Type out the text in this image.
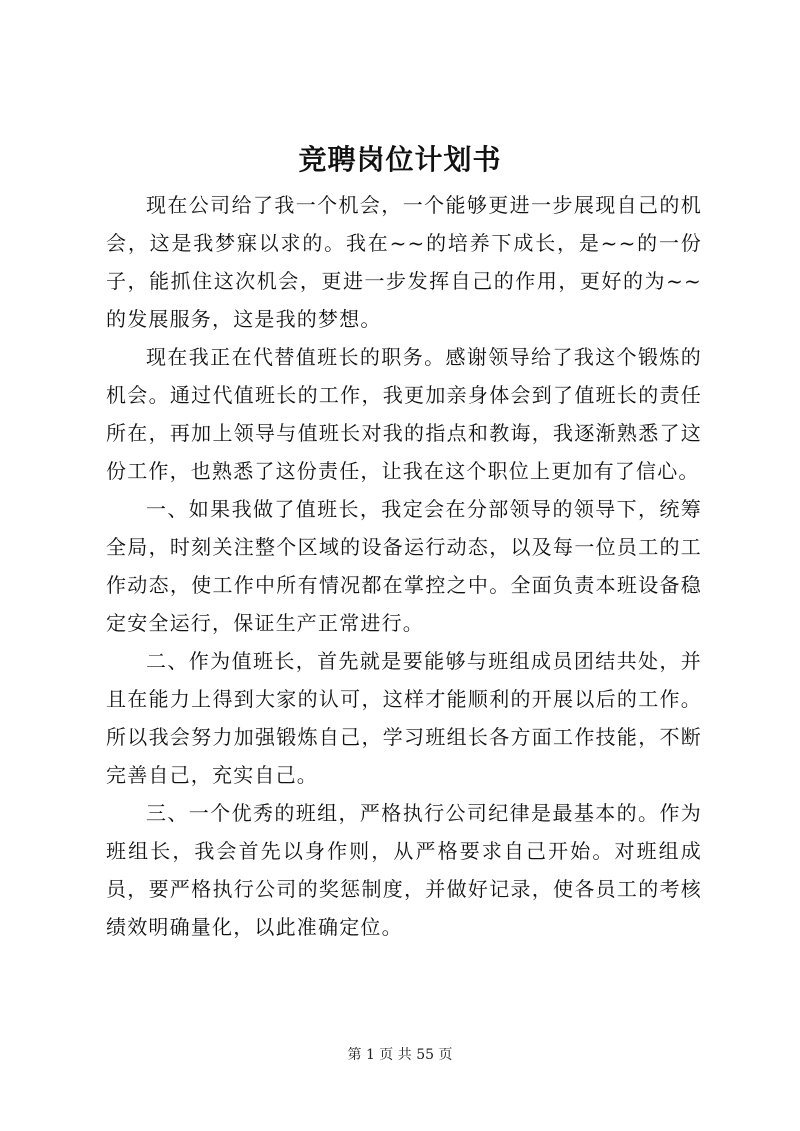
竞聘岗位计划书

现在公司给了我一个机会，一个能够更进一步展现自己的机会，这是我梦寐以求的。我在~~的培养下成长，是~~的一份子，能抓住这次机会，更进一步发挥自己的作用，更好的为~~的发展服务，这是我的梦想。

现在我正在代替值班长的职务。感谢领导给了我这个锻炼的机会。通过代值班长的工作，我更加亲身体会到了值班长的责任所在，再加上领导与值班长对我的指点和教诲，我逐渐熟悉了这份工作，也熟悉了这份责任，让我在这个职位上更加有了信心。

一、如果我做了值班长，我定会在分部领导的领导下，统筹全局，时刻关注整个区域的设备运行动态，以及每一位员工的工作动态，使工作中所有情况都在掌控之中。全面负责本班设备稳定安全运行，保证生产正常进行。

二、作为值班长，首先就是要能够与班组成员团结共处，并且在能力上得到大家的认可，这样才能顺利的开展以后的工作。所以我会努力加强锻炼自己，学习班组长各方面工作技能，不断完善自己，充实自己。

三、一个优秀的班组，严格执行公司纪律是最基本的。作为班组长，我会首先以身作则，从严格要求自己开始。对班组成员，要严格执行公司的奖惩制度，并做好记录，使各员工的考核绩效明确量化，以此准确定位。

第 1 页 共 55 页
